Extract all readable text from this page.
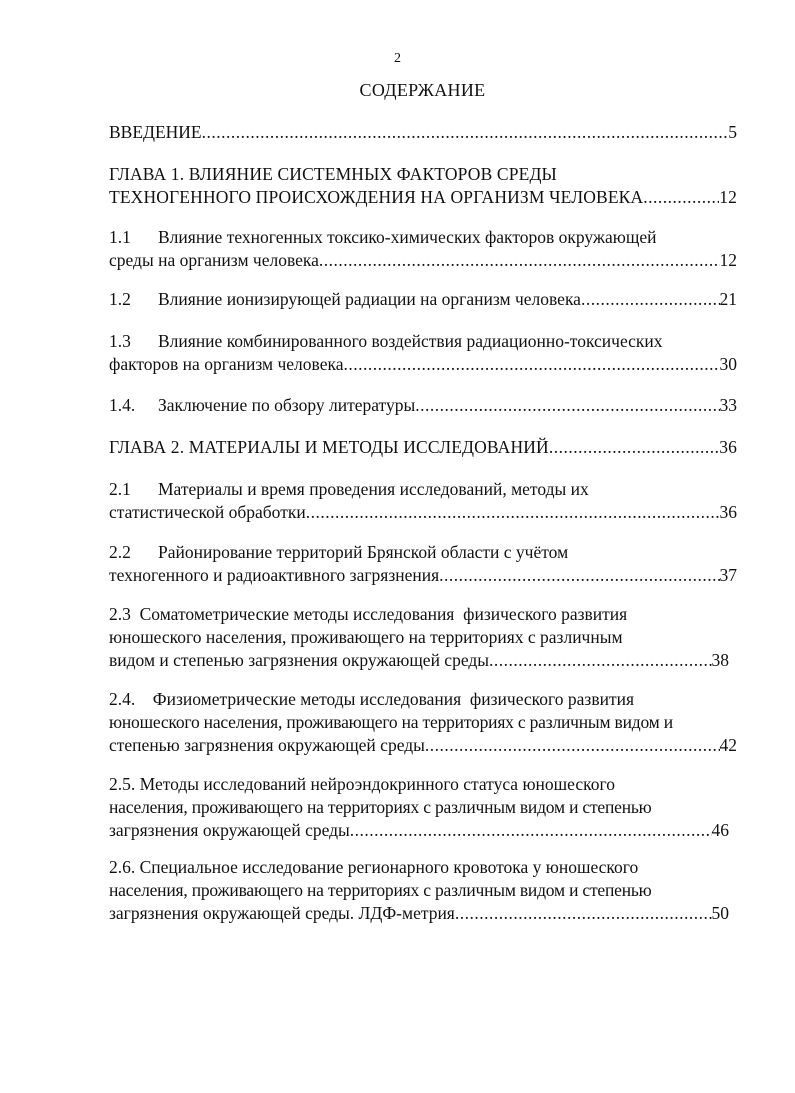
2
СОДЕРЖАНИЕ
ВВЕДЕНИЕ .....	5
ГЛАВА 1. ВЛИЯНИЕ СИСТЕМНЫХ ФАКТОРОВ СРЕДЫ
ТЕХНОГЕННОГО ПРОИСХОЖДЕНИЯ НА ОРГАНИЗМ ЧЕЛОВЕКА .....	12
1.1 Влияние техногенных токсико-химических факторов окружающей
среды на организм человека .....	12
1.2 Влияние ионизирующей радиации на организм человека .....	21
1.3 Влияние комбинированного воздействия радиационно-токсических
факторов на организм человека .....	30
1.4. Заключение по обзору литературы .....	33
ГЛАВА 2. МАТЕРИАЛЫ И МЕТОДЫ ИССЛЕДОВАНИЙ .....	36
2.1 Материалы и время проведения исследований, методы их
статистической обработки .....	36
2.2 Районирование территорий Брянской области с учётом
техногенного и радиоактивного загрязнения .....	37
2.3  Соматометрические методы исследования  физического развития
юношеского населения, проживающего на территориях с различным
видом и степенью загрязнения окружающей среды .....	38
2.4.    Физиометрические методы исследования  физического развития
юношеского населения, проживающего на территориях с различным видом и
степенью загрязнения окружающей среды .....	42
2.5. Методы исследований нейроэндокринного статуса юношеского
населения, проживающего на территориях с различным видом и степенью
загрязнения окружающей среды .....	46
2.6. Специальное исследование регионарного кровотока у юношеского
населения, проживающего на территориях с различным видом и степенью
загрязнения окружающей среды. ЛДФ-метрия .....	50
